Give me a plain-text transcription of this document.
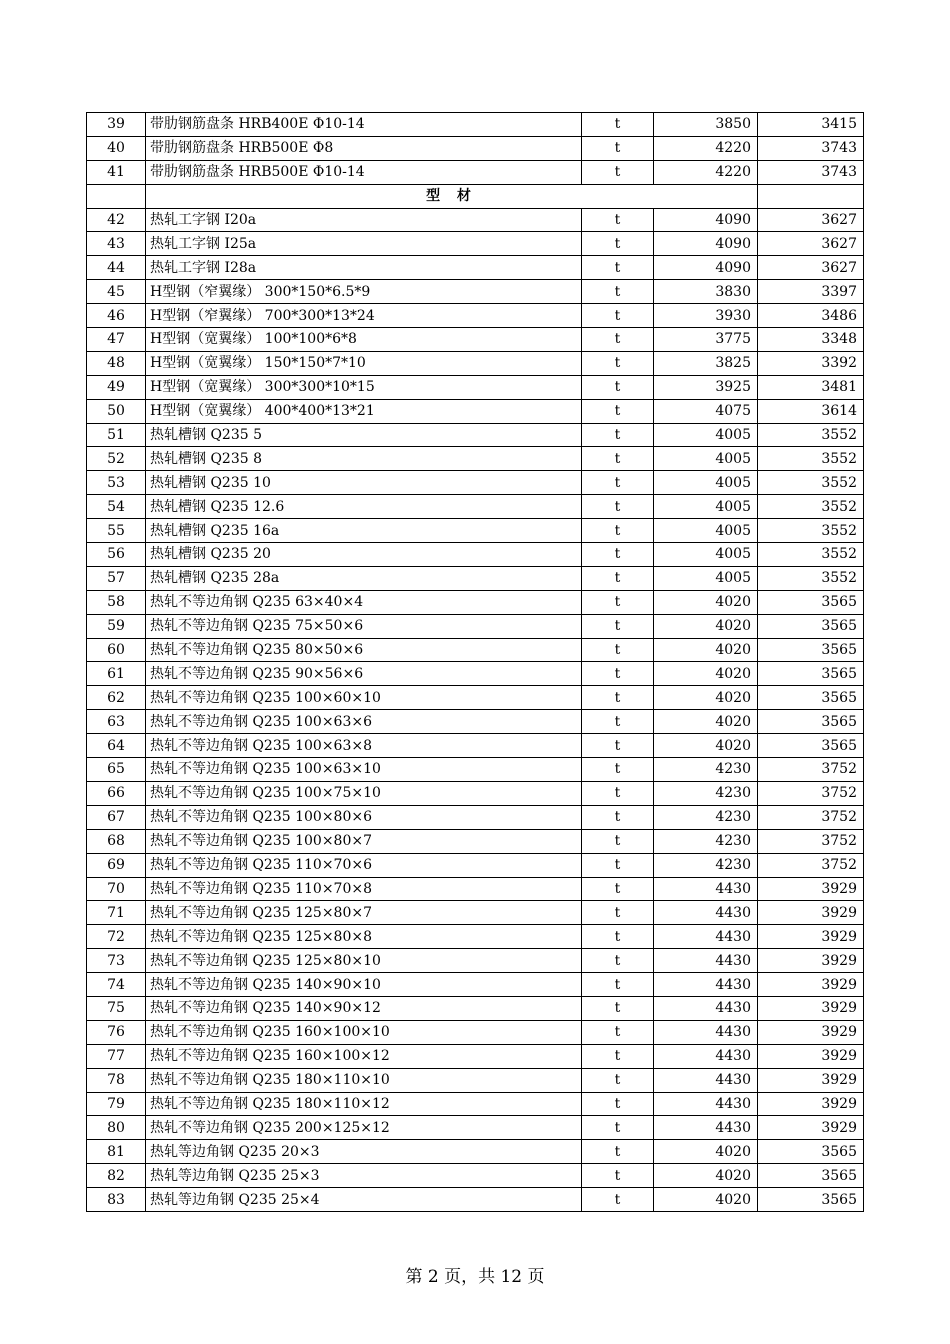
39	带肋钢筋盘条 HRB400E Φ10-14	t	3850	3415
40	带肋钢筋盘条 HRB500E Φ8	t	4220	3743
41	带肋钢筋盘条 HRB500E Φ10-14	t	4220	3743
	型 材			
42	热轧工字钢 I20a	t	4090	3627
43	热轧工字钢 I25a	t	4090	3627
44	热轧工字钢 I28a	t	4090	3627
45	H型钢（窄翼缘） 300*150*6.5*9	t	3830	3397
46	H型钢（窄翼缘） 700*300*13*24	t	3930	3486
47	H型钢（宽翼缘） 100*100*6*8	t	3775	3348
48	H型钢（宽翼缘） 150*150*7*10	t	3825	3392
49	H型钢（宽翼缘） 300*300*10*15	t	3925	3481
50	H型钢（宽翼缘） 400*400*13*21	t	4075	3614
51	热轧槽钢 Q235 5	t	4005	3552
52	热轧槽钢 Q235 8	t	4005	3552
53	热轧槽钢 Q235 10	t	4005	3552
54	热轧槽钢 Q235 12.6	t	4005	3552
55	热轧槽钢 Q235 16a	t	4005	3552
56	热轧槽钢 Q235 20	t	4005	3552
57	热轧槽钢 Q235 28a	t	4005	3552
58	热轧不等边角钢 Q235 63×40×4	t	4020	3565
59	热轧不等边角钢 Q235 75×50×6	t	4020	3565
60	热轧不等边角钢 Q235 80×50×6	t	4020	3565
61	热轧不等边角钢 Q235 90×56×6	t	4020	3565
62	热轧不等边角钢 Q235 100×60×10	t	4020	3565
63	热轧不等边角钢 Q235 100×63×6	t	4020	3565
64	热轧不等边角钢 Q235 100×63×8	t	4020	3565
65	热轧不等边角钢 Q235 100×63×10	t	4230	3752
66	热轧不等边角钢 Q235 100×75×10	t	4230	3752
67	热轧不等边角钢 Q235 100×80×6	t	4230	3752
68	热轧不等边角钢 Q235 100×80×7	t	4230	3752
69	热轧不等边角钢 Q235 110×70×6	t	4230	3752
70	热轧不等边角钢 Q235 110×70×8	t	4430	3929
71	热轧不等边角钢 Q235 125×80×7	t	4430	3929
72	热轧不等边角钢 Q235 125×80×8	t	4430	3929
73	热轧不等边角钢 Q235 125×80×10	t	4430	3929
74	热轧不等边角钢 Q235 140×90×10	t	4430	3929
75	热轧不等边角钢 Q235 140×90×12	t	4430	3929
76	热轧不等边角钢 Q235 160×100×10	t	4430	3929
77	热轧不等边角钢 Q235 160×100×12	t	4430	3929
78	热轧不等边角钢 Q235 180×110×10	t	4430	3929
79	热轧不等边角钢 Q235 180×110×12	t	4430	3929
80	热轧不等边角钢 Q235 200×125×12	t	4430	3929
81	热轧等边角钢 Q235 20×3	t	4020	3565
82	热轧等边角钢 Q235 25×3	t	4020	3565
83	热轧等边角钢 Q235 25×4	t	4020	3565
第 2 页，共 12 页
